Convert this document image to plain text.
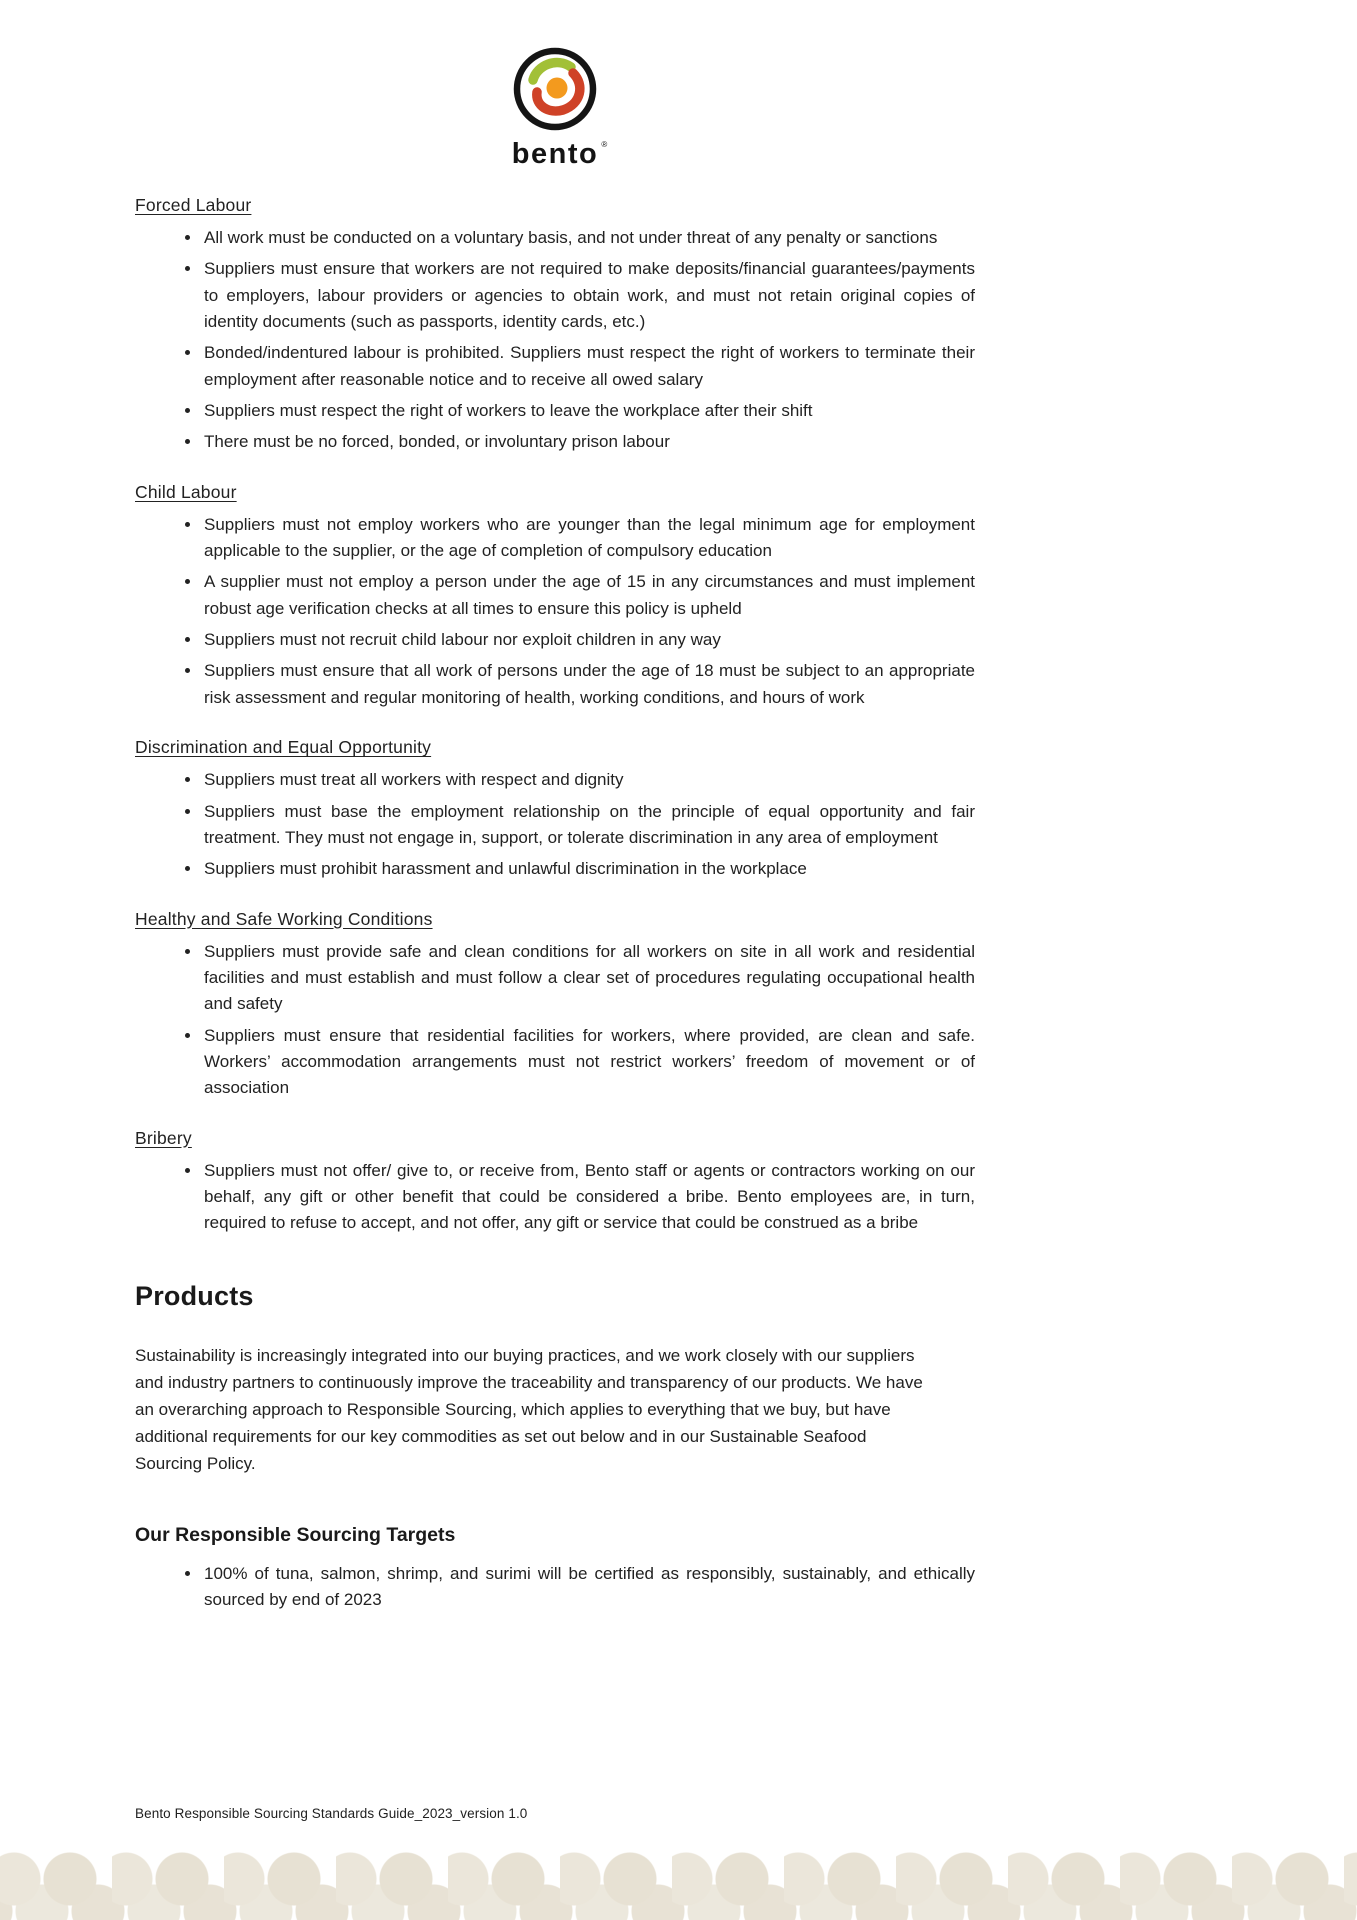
bento ®
Forced Labour
• All work must be conducted on a voluntary basis, and not under threat of any penalty or sanctions
• Suppliers must ensure that workers are not required to make deposits/financial guarantees/payments to employers, labour providers or agencies to obtain work, and must not retain original copies of identity documents (such as passports, identity cards, etc.)
• Bonded/indentured labour is prohibited. Suppliers must respect the right of workers to terminate their employment after reasonable notice and to receive all owed salary
• Suppliers must respect the right of workers to leave the workplace after their shift
• There must be no forced, bonded, or involuntary prison labour
Child Labour
• Suppliers must not employ workers who are younger than the legal minimum age for employment applicable to the supplier, or the age of completion of compulsory education
• A supplier must not employ a person under the age of 15 in any circumstances and must implement robust age verification checks at all times to ensure this policy is upheld
• Suppliers must not recruit child labour nor exploit children in any way
• Suppliers must ensure that all work of persons under the age of 18 must be subject to an appropriate risk assessment and regular monitoring of health, working conditions, and hours of work
Discrimination and Equal Opportunity
• Suppliers must treat all workers with respect and dignity
• Suppliers must base the employment relationship on the principle of equal opportunity and fair treatment. They must not engage in, support, or tolerate discrimination in any area of employment
• Suppliers must prohibit harassment and unlawful discrimination in the workplace
Healthy and Safe Working Conditions
• Suppliers must provide safe and clean conditions for all workers on site in all work and residential facilities and must establish and must follow a clear set of procedures regulating occupational health and safety
• Suppliers must ensure that residential facilities for workers, where provided, are clean and safe. Workers’ accommodation arrangements must not restrict workers’ freedom of movement or of association
Bribery
• Suppliers must not offer/ give to, or receive from, Bento staff or agents or contractors working on our behalf, any gift or other benefit that could be considered a bribe. Bento employees are, in turn, required to refuse to accept, and not offer, any gift or service that could be construed as a bribe
Products

Sustainability is increasingly integrated into our buying practices, and we work closely with our suppliers and industry partners to continuously improve the traceability and transparency of our products. We have an overarching approach to Responsible Sourcing, which applies to everything that we buy, but have additional requirements for our key commodities as set out below and in our Sustainable Seafood Sourcing Policy.

Our Responsible Sourcing Targets
• 100% of tuna, salmon, shrimp, and surimi will be certified as responsibly, sustainably, and ethically sourced by end of 2023
Bento Responsible Sourcing Standards Guide_2023_version 1.0
